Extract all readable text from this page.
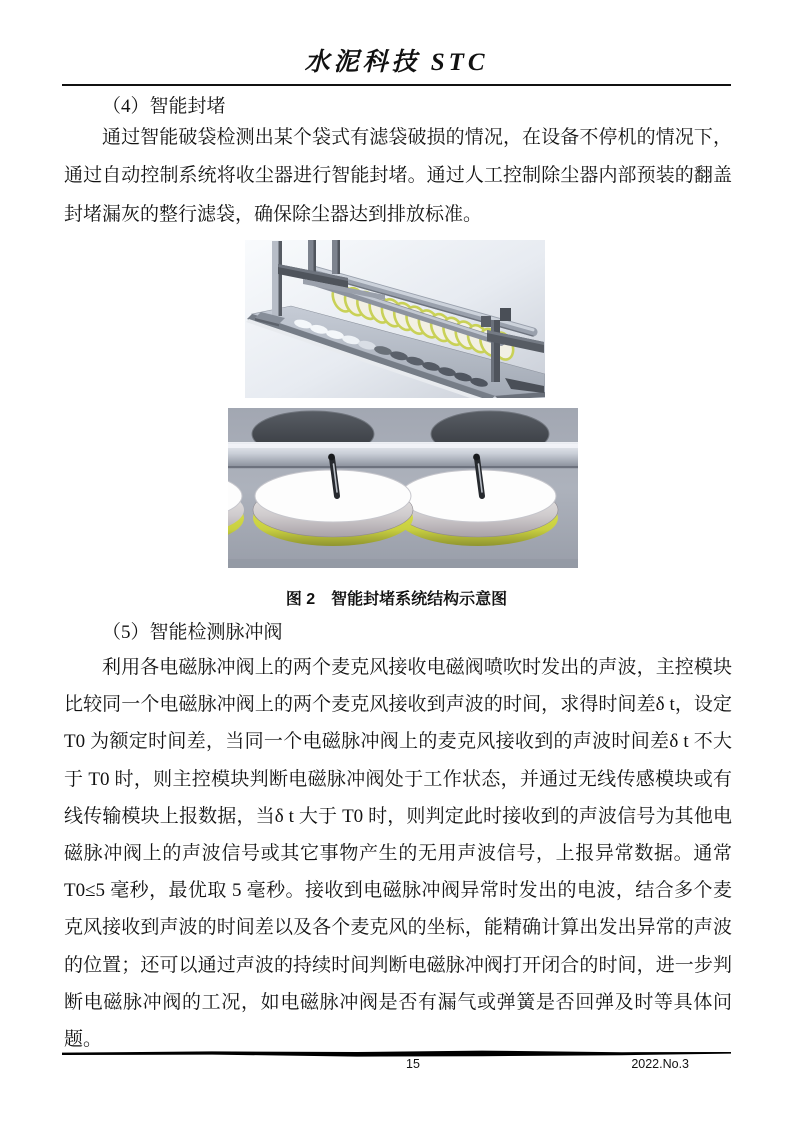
水泥科技 STC
（4）智能封堵
通过智能破袋检测出某个袋式有滤袋破损的情况，在设备不停机的情况下，通过自动控制系统将收尘器进行智能封堵。通过人工控制除尘器内部预装的翻盖封堵漏灰的整行滤袋，确保除尘器达到排放标准。
图 2　智能封堵系统结构示意图
（5）智能检测脉冲阀
利用各电磁脉冲阀上的两个麦克风接收电磁阀喷吹时发出的声波，主控模块比较同一个电磁脉冲阀上的两个麦克风接收到声波的时间，求得时间差δ t，设定 T0 为额定时间差，当同一个电磁脉冲阀上的麦克风接收到的声波时间差δ t 不大于 T0 时，则主控模块判断电磁脉冲阀处于工作状态，并通过无线传感模块或有线传输模块上报数据，当δ t 大于 T0 时，则判定此时接收到的声波信号为其他电磁脉冲阀上的声波信号或其它事物产生的无用声波信号，上报异常数据。通常 T0≤5 毫秒，最优取 5 毫秒。接收到电磁脉冲阀异常时发出的电波，结合多个麦克风接收到声波的时间差以及各个麦克风的坐标，能精确计算出发出异常的声波的位置；还可以通过声波的持续时间判断电磁脉冲阀打开闭合的时间，进一步判断电磁脉冲阀的工况，如电磁脉冲阀是否有漏气或弹簧是否回弹及时等具体问题。
15	2022.No.3
